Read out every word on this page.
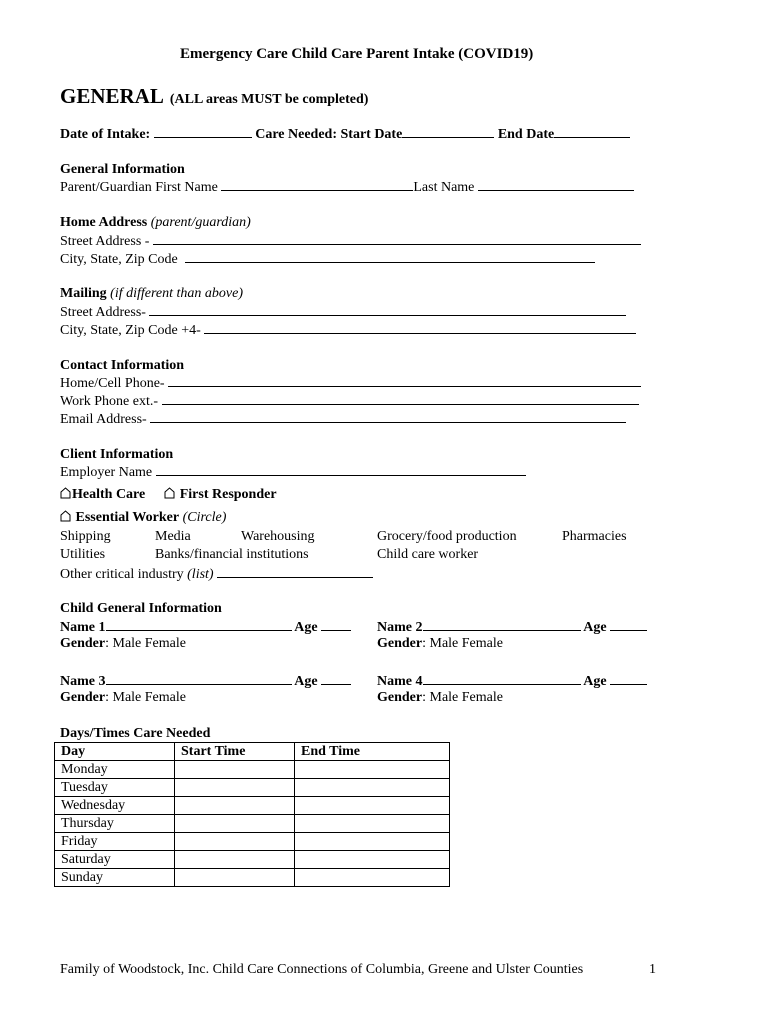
Emergency Care Child Care Parent Intake (COVID19)
GENERAL (ALL areas MUST be completed)
Date of Intake:	Care Needed: Start Date	End Date
General Information
Parent/Guardian First Name	Last Name
Home Address (parent/guardian)
Street Address -
City, State, Zip Code
Mailing (if different than above)
Street Address-
City, State, Zip Code +4-
Contact Information
Home/Cell Phone-
Work Phone ext.-
Email Address-
Client Information
Employer Name
Health Care First Responder
Essential Worker (Circle)
Shipping	Media	Warehousing	Grocery/food production	Pharmacies
Utilities	Banks/financial institutions	Child care worker
Other critical industry (list)
Child General Information
Name 1	Age
Gender: Male Female
Name 2	Age
Gender: Male Female
Name 3	Age
Gender: Male Female
Name 4	Age
Gender: Male Female
Days/Times Care Needed
Day	Start Time	End Time
Monday		
Tuesday		
Wednesday		
Thursday		
Friday		
Saturday		
Sunday		
Family of Woodstock, Inc. Child Care Connections of Columbia, Greene and Ulster Counties	1
